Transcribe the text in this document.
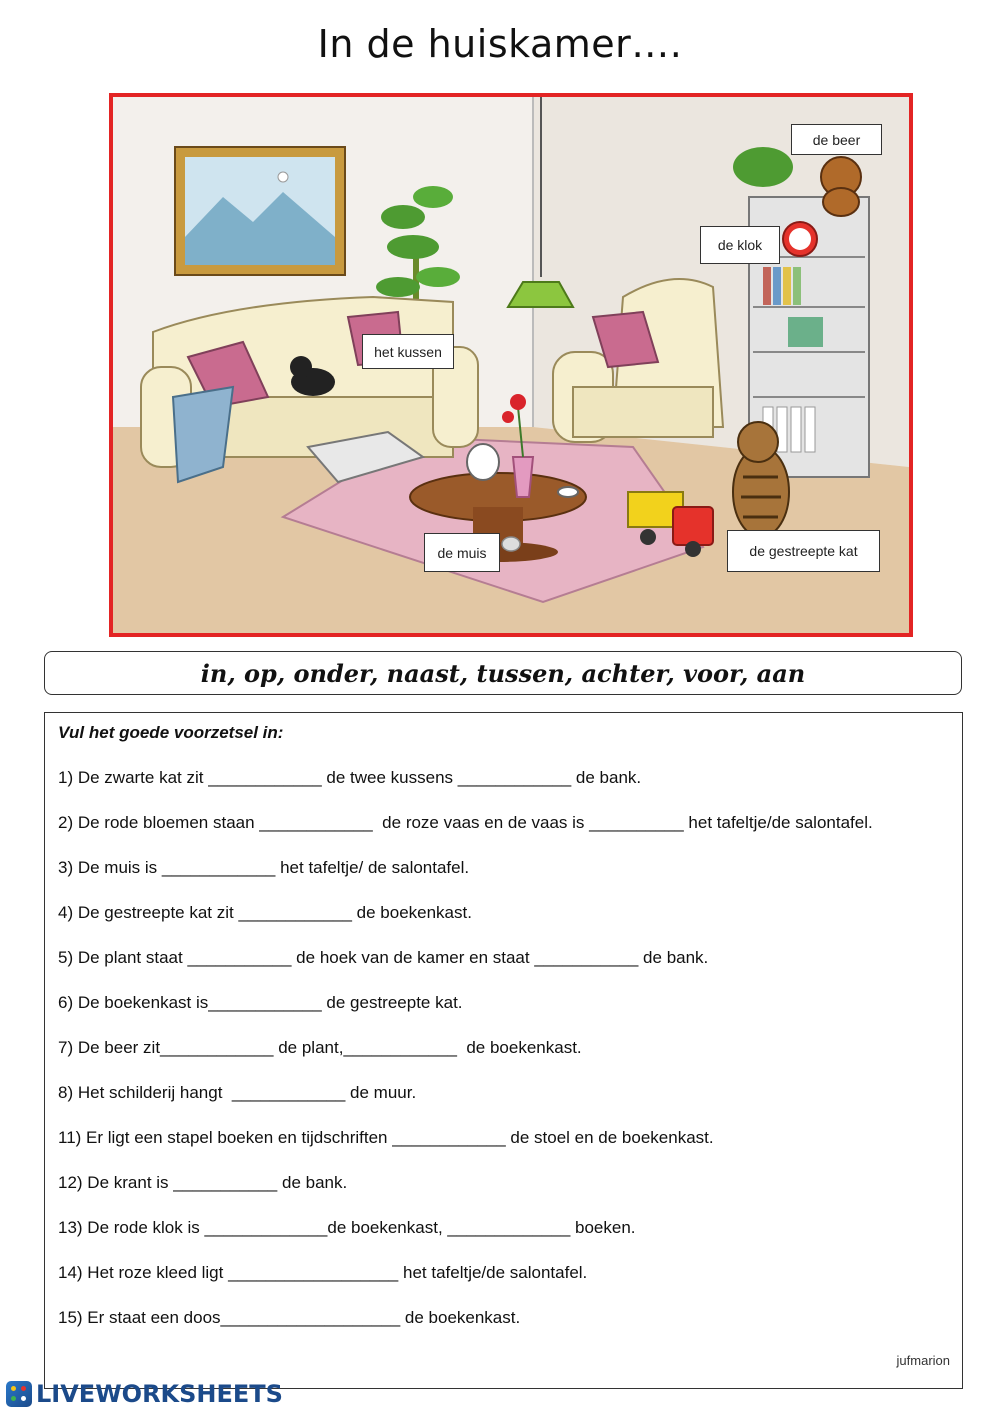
In de huiskamer….
de beer
de klok
het kussen
de muis	de gestreepte kat
in, op, onder, naast, tussen, achter, voor, aan
Vul het goede voorzetsel in:
1) De zwarte kat zit ____________ de twee kussens ____________ de bank.
2) De rode bloemen staan ____________  de roze vaas en de vaas is __________ het tafeltje/de salontafel.
3) De muis is ____________ het tafeltje/ de salontafel.
4) De gestreepte kat zit ____________ de boekenkast.
5) De plant staat ___________ de hoek van de kamer en staat ___________ de bank.
6) De boekenkast is____________ de gestreepte kat.
7) De beer zit____________ de plant,____________  de boekenkast.
8) Het schilderij hangt  ____________ de muur.
11) Er ligt een stapel boeken en tijdschriften ____________ de stoel en de boekenkast.
12) De krant is ___________ de bank.
13) De rode klok is _____________de boekenkast, _____________ boeken.
14) Het roze kleed ligt __________________ het tafeltje/de salontafel.
15) Er staat een doos___________________ de boekenkast.
jufmarion
LIVEWORKSHEETS
